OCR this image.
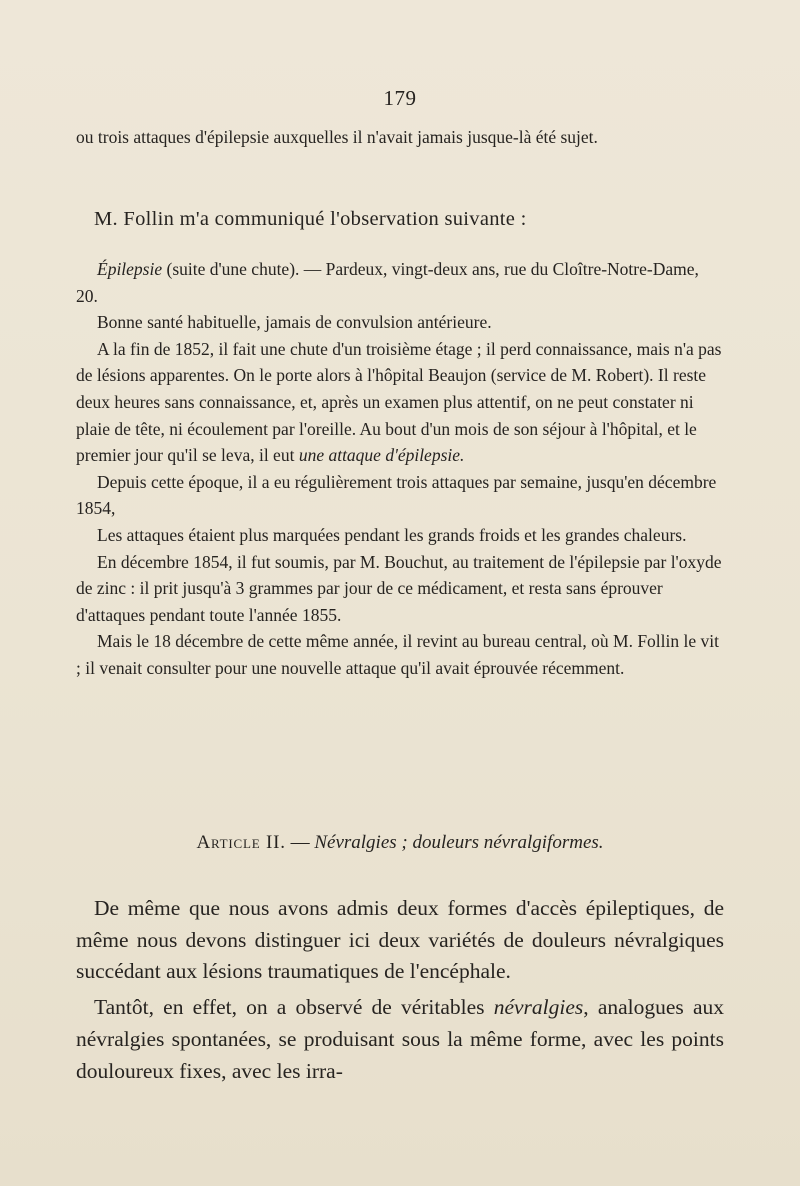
179

ou trois attaques d'épilepsie auxquelles il n'avait jamais jusque-là été sujet.

M. Follin m'a communiqué l'observation suivante :

Épilepsie (suite d'une chute). — Pardeux, vingt-deux ans, rue du Cloître-Notre-Dame, 20.

Bonne santé habituelle, jamais de convulsion antérieure.

A la fin de 1852, il fait une chute d'un troisième étage ; il perd connaissance, mais n'a pas de lésions apparentes. On le porte alors à l'hôpital Beaujon (service de M. Robert). Il reste deux heures sans connaissance, et, après un examen plus attentif, on ne peut constater ni plaie de tête, ni écoulement par l'oreille. Au bout d'un mois de son séjour à l'hôpital, et le premier jour qu'il se leva, il eut une attaque d'épilepsie.

Depuis cette époque, il a eu régulièrement trois attaques par semaine, jusqu'en décembre 1854,

Les attaques étaient plus marquées pendant les grands froids et les grandes chaleurs.

En décembre 1854, il fut soumis, par M. Bouchut, au traitement de l'épilepsie par l'oxyde de zinc : il prit jusqu'à 3 grammes par jour de ce médicament, et resta sans éprouver d'attaques pendant toute l'année 1855.

Mais le 18 décembre de cette même année, il revint au bureau central, où M. Follin le vit ; il venait consulter pour une nouvelle attaque qu'il avait éprouvée récemment.

Article II. — Névralgies ; douleurs névralgiformes.

De même que nous avons admis deux formes d'accès épileptiques, de même nous devons distinguer ici deux variétés de douleurs névralgiques succédant aux lésions traumatiques de l'encéphale.

Tantôt, en effet, on a observé de véritables névralgies, analogues aux névralgies spontanées, se produisant sous la même forme, avec les points douloureux fixes, avec les irra-
